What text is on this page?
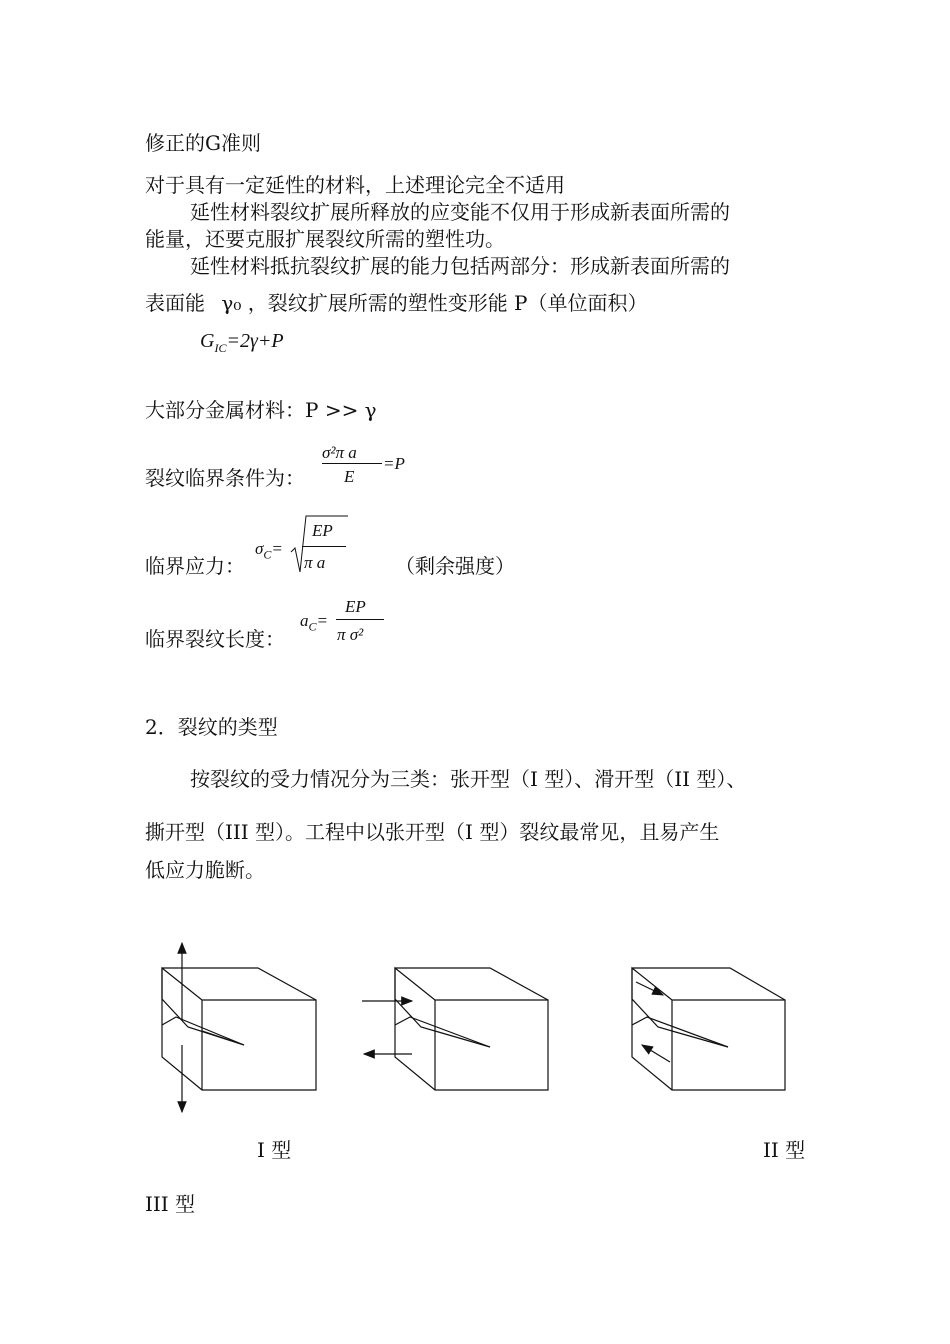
修正的G准则
对于具有一定延性的材料，上述理论完全不适用
延性材料裂纹扩展所释放的应变能不仅用于形成新表面所需的
能量，还要克服扩展裂纹所需的塑性功。
延性材料抵抗裂纹扩展的能力包括两部分：形成新表面所需的
表面能 γ₀ ，裂纹扩展所需的塑性变形能 P（单位面积）
$G_{IC}=2\gamma+P$
大部分金属材料：P >> γ
裂纹临界条件为：
σ²π a
E
=P
临界应力：
$\sigma_C=$
EP
π a	（剩余强度）
临界裂纹长度：
$a_C=$
EP
π σ²
2．裂纹的类型
按裂纹的受力情况分为三类：张开型（I 型）、滑开型（II 型）、
撕开型（III 型）。工程中以张开型（I 型）裂纹最常见，且易产生
低应力脆断。
I 型	II 型
III 型
